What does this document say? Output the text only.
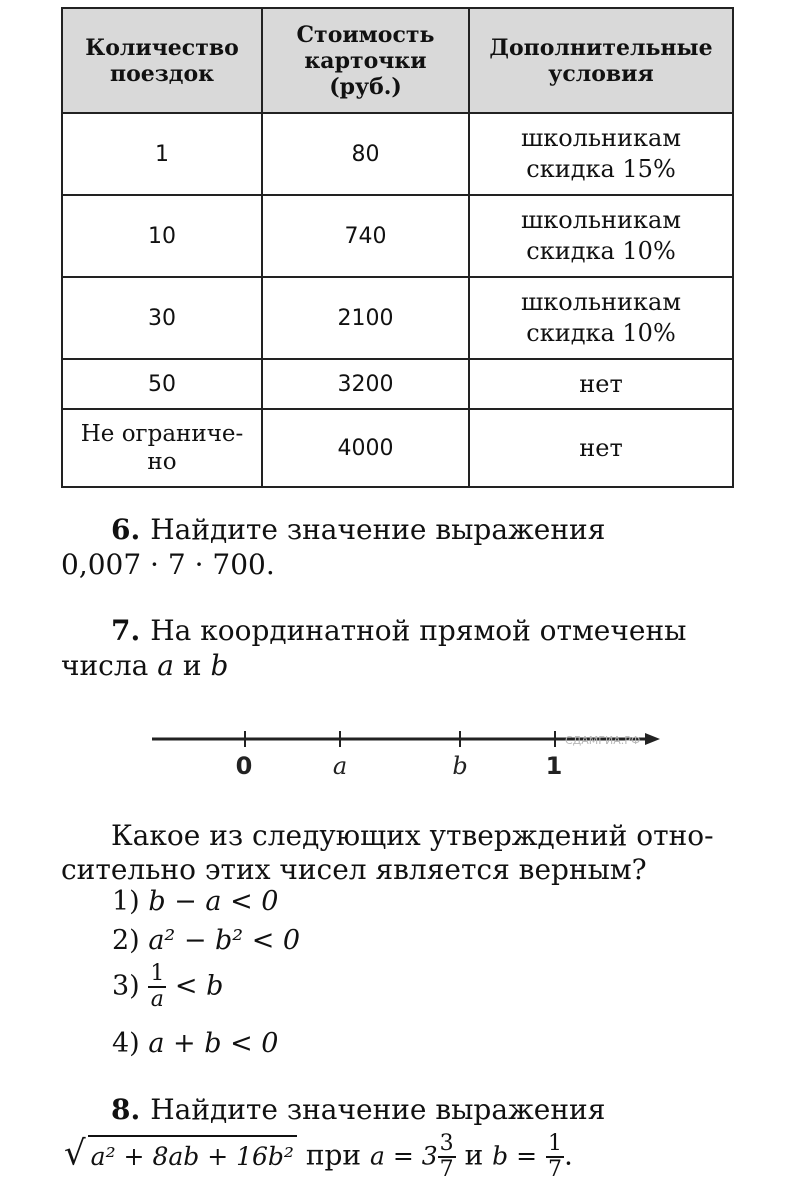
Количество поездок	Стоимость карточки (руб.)	Дополнительные условия
1	80	школьникам скидка 15%
10	740	школьникам скидка 10%
30	2100	школьникам скидка 10%
50	3200	нет
Не ограниче-но	4000	нет
6. Найдите значение выражения
0,007 · 7 · 700.
7. На координатной прямой отмечены
числа a и b
0	a	b	1
СДАМГИА.РФ
Какое из следующих утверждений отно-
сительно этих чисел является верным?
1) b − a < 0
2) a² − b² < 0
$3) \frac{1}{a} < b$
4) a + b < 0
8. Найдите значение выражения
√ a² + 8ab + 16b² при $a = 3 \frac{3}{7}$ и $b = \frac{1}{7}$ .
